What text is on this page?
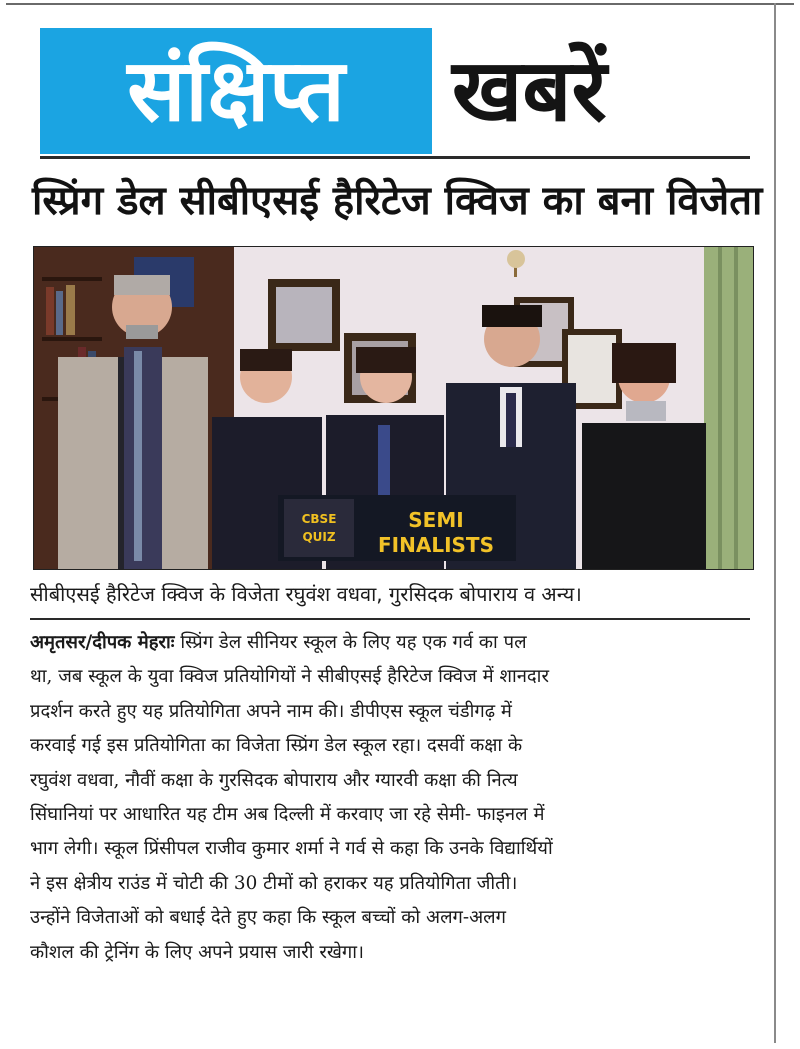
संक्षिप्त	खबरें
स्प्रिंग डेल सीबीएसई हैरिटेज क्विज का बना विजेता
CBSE
QUIZ
SEMI
FINALISTS
सीबीएसई हैरिटेज क्विज के विजेता रघुवंश वधवा, गुरसिदक बोपाराय व अन्य।
अमृतसर/दीपक मेहराः स्प्रिंग डेल सीनियर स्कूल के लिए यह एक गर्व का पल
था, जब स्कूल के युवा क्विज प्रतियोगियों ने सीबीएसई हैरिटेज क्विज में शानदार
प्रदर्शन करते हुए यह प्रतियोगिता अपने नाम की। डीपीएस स्कूल चंडीगढ़ में
करवाई गई इस प्रतियोगिता का विजेता स्प्रिंग डेल स्कूल रहा। दसवीं कक्षा के
रघुवंश वधवा, नौवीं कक्षा के गुरसिदक बोपाराय और ग्यारवी कक्षा की नित्य
सिंघानियां पर आधारित यह टीम अब दिल्ली में करवाए जा रहे सेमी- फाइनल में
भाग लेगी। स्कूल प्रिंसीपल राजीव कुमार शर्मा ने गर्व से कहा कि उनके विद्यार्थियों
ने इस क्षेत्रीय राउंड में चोटी की 30 टीमों को हराकर यह प्रतियोगिता जीती।
उन्होंने विजेताओं को बधाई देते हुए कहा कि स्कूल बच्चों को अलग-अलग
कौशल की ट्रेनिंग के लिए अपने प्रयास जारी रखेगा।
